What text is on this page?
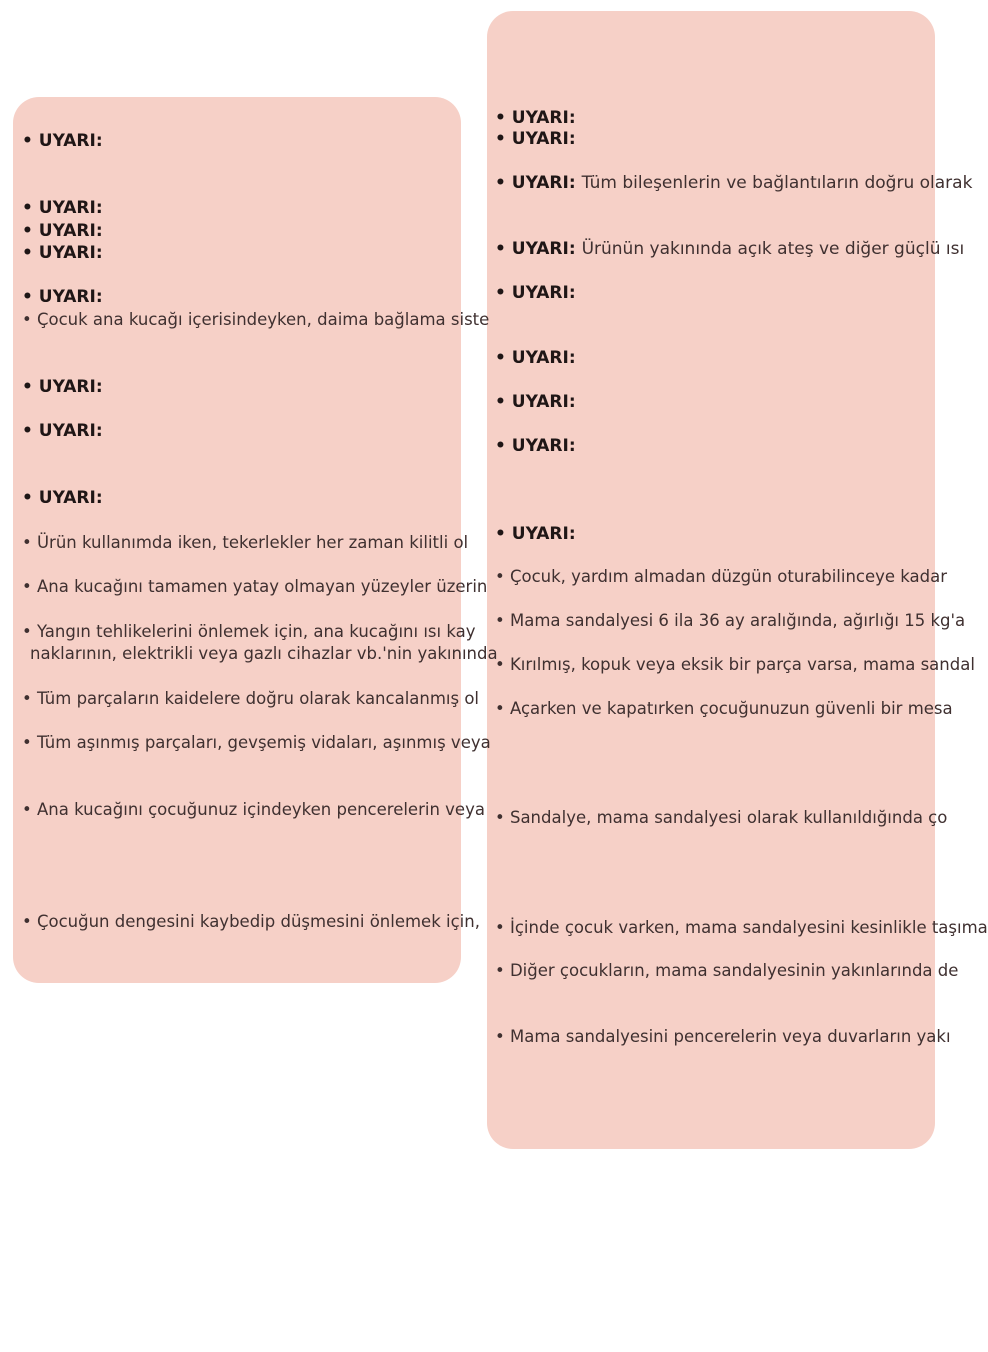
• UYARI:
• UYARI:
• UYARI:
• UYARI:
• UYARI:
• Çocuk ana kucağı içerisindeyken, daima bağlama siste
• UYARI:
• UYARI:
• UYARI:
• Ürün kullanımda iken, tekerlekler her zaman kilitli ol
• Ana kucağını tamamen yatay olmayan yüzeyler üzerin
• Yangın tehlikelerini önlemek için, ana kucağını ısı kay
naklarının, elektrikli veya gazlı cihazlar vb.'nin yakınında
• Tüm parçaların kaidelere doğru olarak kancalanmış ol
• Tüm aşınmış parçaları, gevşemiş vidaları, aşınmış veya
• Ana kucağını çocuğunuz içindeyken pencerelerin veya
• Çocuğun dengesini kaybedip düşmesini önlemek için,
• UYARI:
• UYARI:
• UYARI: Tüm bileşenlerin ve bağlantıların doğru olarak
• UYARI: Ürünün yakınında açık ateş ve diğer güçlü ısı
• UYARI:
• UYARI:
• UYARI:
• UYARI:
• UYARI:
• Çocuk, yardım almadan düzgün oturabilinceye kadar
• Mama sandalyesi 6 ila 36 ay aralığında, ağırlığı 15 kg'a
• Kırılmış, kopuk veya eksik bir parça varsa, mama sandal
• Açarken ve kapatırken çocuğunuzun güvenli bir mesa
• Sandalye, mama sandalyesi olarak kullanıldığında ço
• İçinde çocuk varken, mama sandalyesini kesinlikle taşıma
• Diğer çocukların, mama sandalyesinin yakınlarında de
• Mama sandalyesini pencerelerin veya duvarların yakı
